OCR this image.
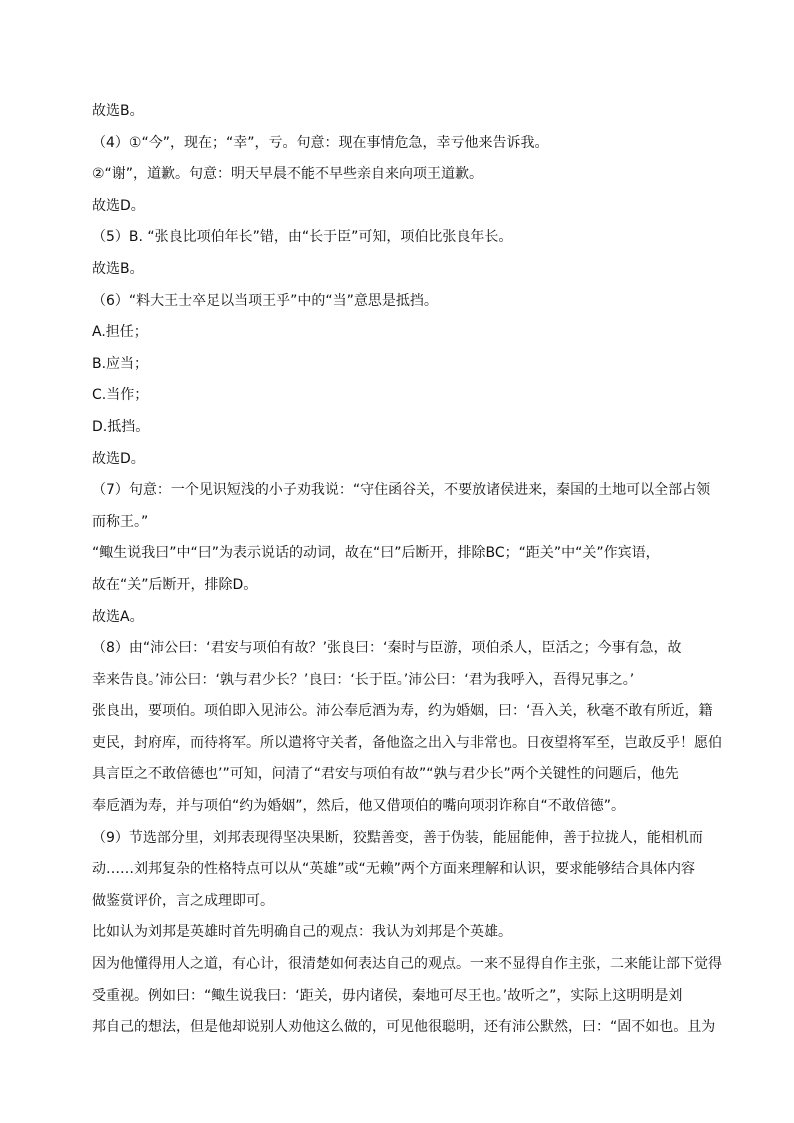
故选B。
（4）①“今”，现在；“幸”，亏。句意：现在事情危急，幸亏他来告诉我。
②“谢”，道歉。句意：明天早晨不能不早些亲自来向项王道歉。
故选D。
（5）B. “张良比项伯年长”错，由“长于臣”可知，项伯比张良年长。
故选B。
（6）“料大王士卒足以当项王乎”中的“当”意思是抵挡。
A.担任；
B.应当；
C.当作；
D.抵挡。
故选D。
（7）句意：一个见识短浅的小子劝我说：“守住函谷关，不要放诸侯进来，秦国的土地可以全部占领
而称王。”
“鲰生说我曰”中“曰”为表示说话的动词，故在“曰”后断开，排除BC；“距关”中“关”作宾语，
故在“关”后断开，排除D。
故选A。
（8）由“沛公曰：‘君安与项伯有故？’张良曰：‘秦时与臣游，项伯杀人，臣活之；今事有急，故
幸来告良。’沛公曰：‘孰与君少长？’良曰：‘长于臣。’沛公曰：‘君为我呼入，吾得兄事之。’
张良出，要项伯。项伯即入见沛公。沛公奉卮酒为寿，约为婚姻，曰：‘吾入关，秋毫不敢有所近，籍
吏民，封府库，而待将军。所以遣将守关者，备他盗之出入与非常也。日夜望将军至，岂敢反乎！愿伯
具言臣之不敢倍德也’”可知，问清了“君安与项伯有故”“孰与君少长”两个关键性的问题后，他先
奉卮酒为寿，并与项伯“约为婚姻”，然后，他又借项伯的嘴向项羽诈称自“不敢倍德”。
（9）节选部分里，刘邦表现得坚决果断，狡黠善变，善于伪装，能屈能伸，善于拉拢人，能相机而
动……刘邦复杂的性格特点可以从“英雄”或“无赖”两个方面来理解和认识，要求能够结合具体内容
做鉴赏评价，言之成理即可。
比如认为刘邦是英雄时首先明确自己的观点：我认为刘邦是个英雄。
因为他懂得用人之道，有心计，很清楚如何表达自己的观点。一来不显得自作主张，二来能让部下觉得
受重视。例如曰：“鲰生说我曰：‘距关，毋内诸侯，秦地可尽王也。’故听之”，实际上这明明是刘
邦自己的想法，但是他却说别人劝他这么做的，可见他很聪明，还有沛公默然，曰：“固不如也。且为
